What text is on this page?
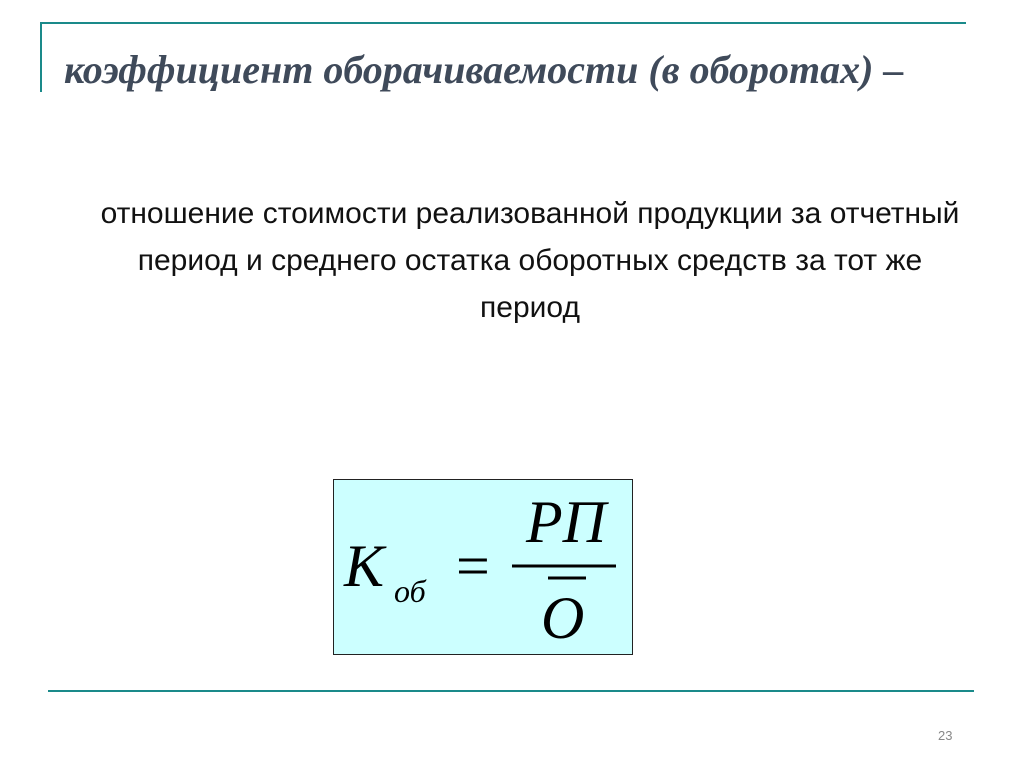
коэффициент оборачиваемости (в оборотах) –
отношение стоимости реализованной продукции за отчетный период и среднего остатка оборотных средств за тот же период
К об =
РП
О
23
